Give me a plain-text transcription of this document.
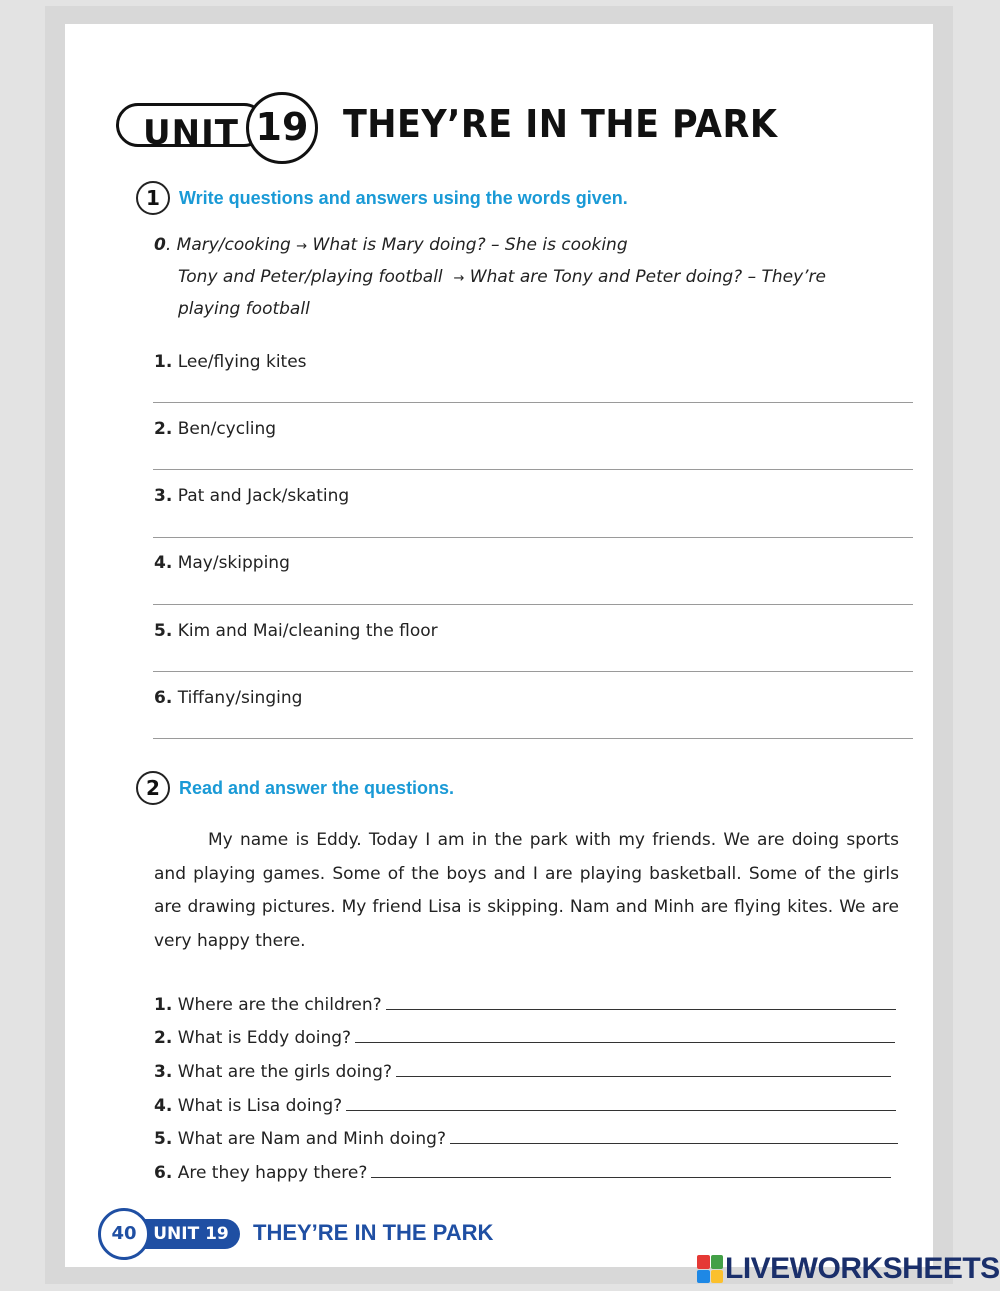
UNIT 19 THEY’RE IN THE PARK
1	Write questions and answers using the words given.
0. Mary/cooking → What is Mary doing? – She is cooking
Tony and Peter/playing football → What are Tony and Peter doing? – They’re
playing football
1. Lee/flying kites
2. Ben/cycling
3. Pat and Jack/skating
4. May/skipping
5. Kim and Mai/cleaning the floor
6. Tiffany/singing
2	Read and answer the questions.
My name is Eddy. Today I am in the park with my friends. We are doing sports and playing games. Some of the boys and I are playing basketball. Some of the girls are drawing pictures. My friend Lisa is skipping. Nam and Minh are flying kites. We are very happy there.
1.
Where are the children?
2.
What is Eddy doing?
3.
What are the girls doing?
4.
What is Lisa doing?
5.
What are Nam and Minh doing?
6.
Are they happy there?
40 UNIT 19	THEY’RE IN THE PARK
LIVEWORKSHEETS
